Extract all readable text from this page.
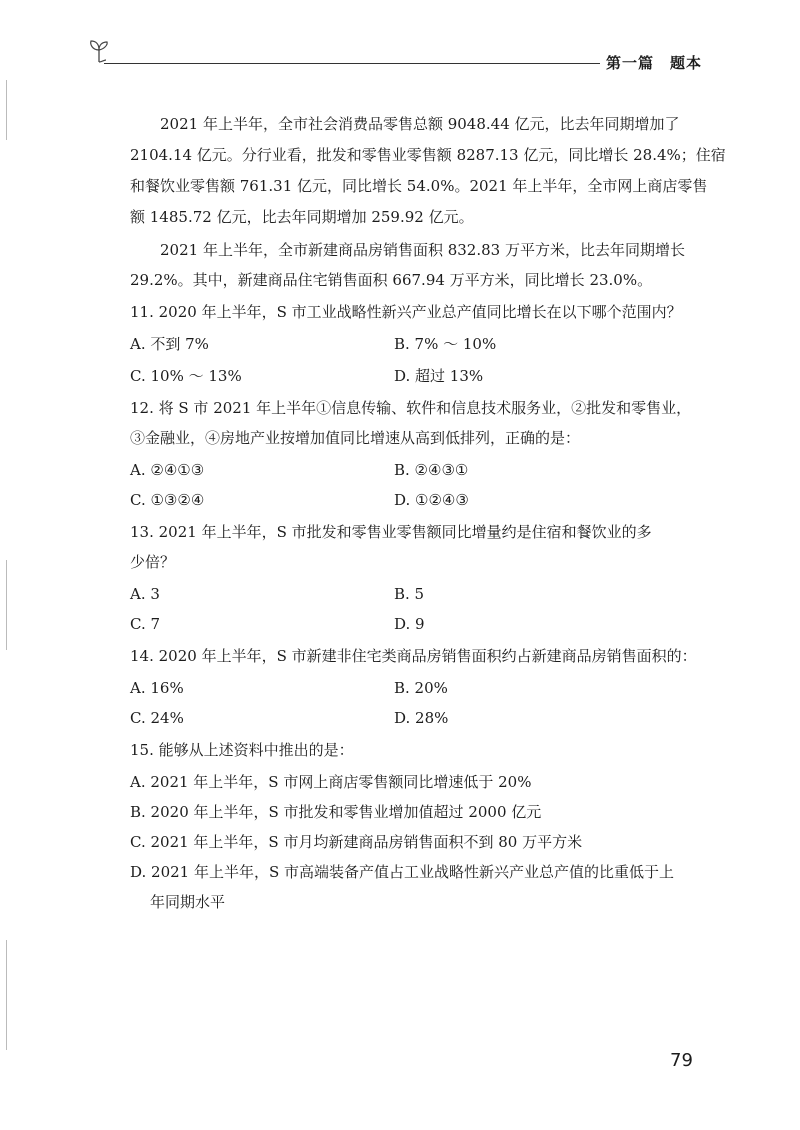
第一篇　题本
2021 年上半年，全市社会消费品零售总额 9048.44 亿元，比去年同期增加了
2104.14 亿元。分行业看，批发和零售业零售额 8287.13 亿元，同比增长 28.4%；住宿
和餐饮业零售额 761.31 亿元，同比增长 54.0%。2021 年上半年，全市网上商店零售
额 1485.72 亿元，比去年同期增加 259.92 亿元。
2021 年上半年，全市新建商品房销售面积 832.83 万平方米，比去年同期增长
29.2%。其中，新建商品住宅销售面积 667.94 万平方米，同比增长 23.0%。
11. 2020 年上半年，S 市工业战略性新兴产业总产值同比增长在以下哪个范围内？
A. 不到 7%	B. 7% ～ 10%
C. 10% ～ 13%	D. 超过 13%
12. 将 S 市 2021 年上半年①信息传输、软件和信息技术服务业，②批发和零售业，
③金融业，④房地产业按增加值同比增速从高到低排列，正确的是：
A. ②④①③	B. ②④③①
C. ①③②④	D. ①②④③
13. 2021 年上半年，S 市批发和零售业零售额同比增量约是住宿和餐饮业的多
少倍？
A. 3	B. 5
C. 7	D. 9
14. 2020 年上半年，S 市新建非住宅类商品房销售面积约占新建商品房销售面积的：
A. 16%	B. 20%
C. 24%	D. 28%
15. 能够从上述资料中推出的是：
A. 2021 年上半年，S 市网上商店零售额同比增速低于 20%
B. 2020 年上半年，S 市批发和零售业增加值超过 2000 亿元
C. 2021 年上半年，S 市月均新建商品房销售面积不到 80 万平方米
D. 2021 年上半年，S 市高端装备产值占工业战略性新兴产业总产值的比重低于上
年同期水平
79
